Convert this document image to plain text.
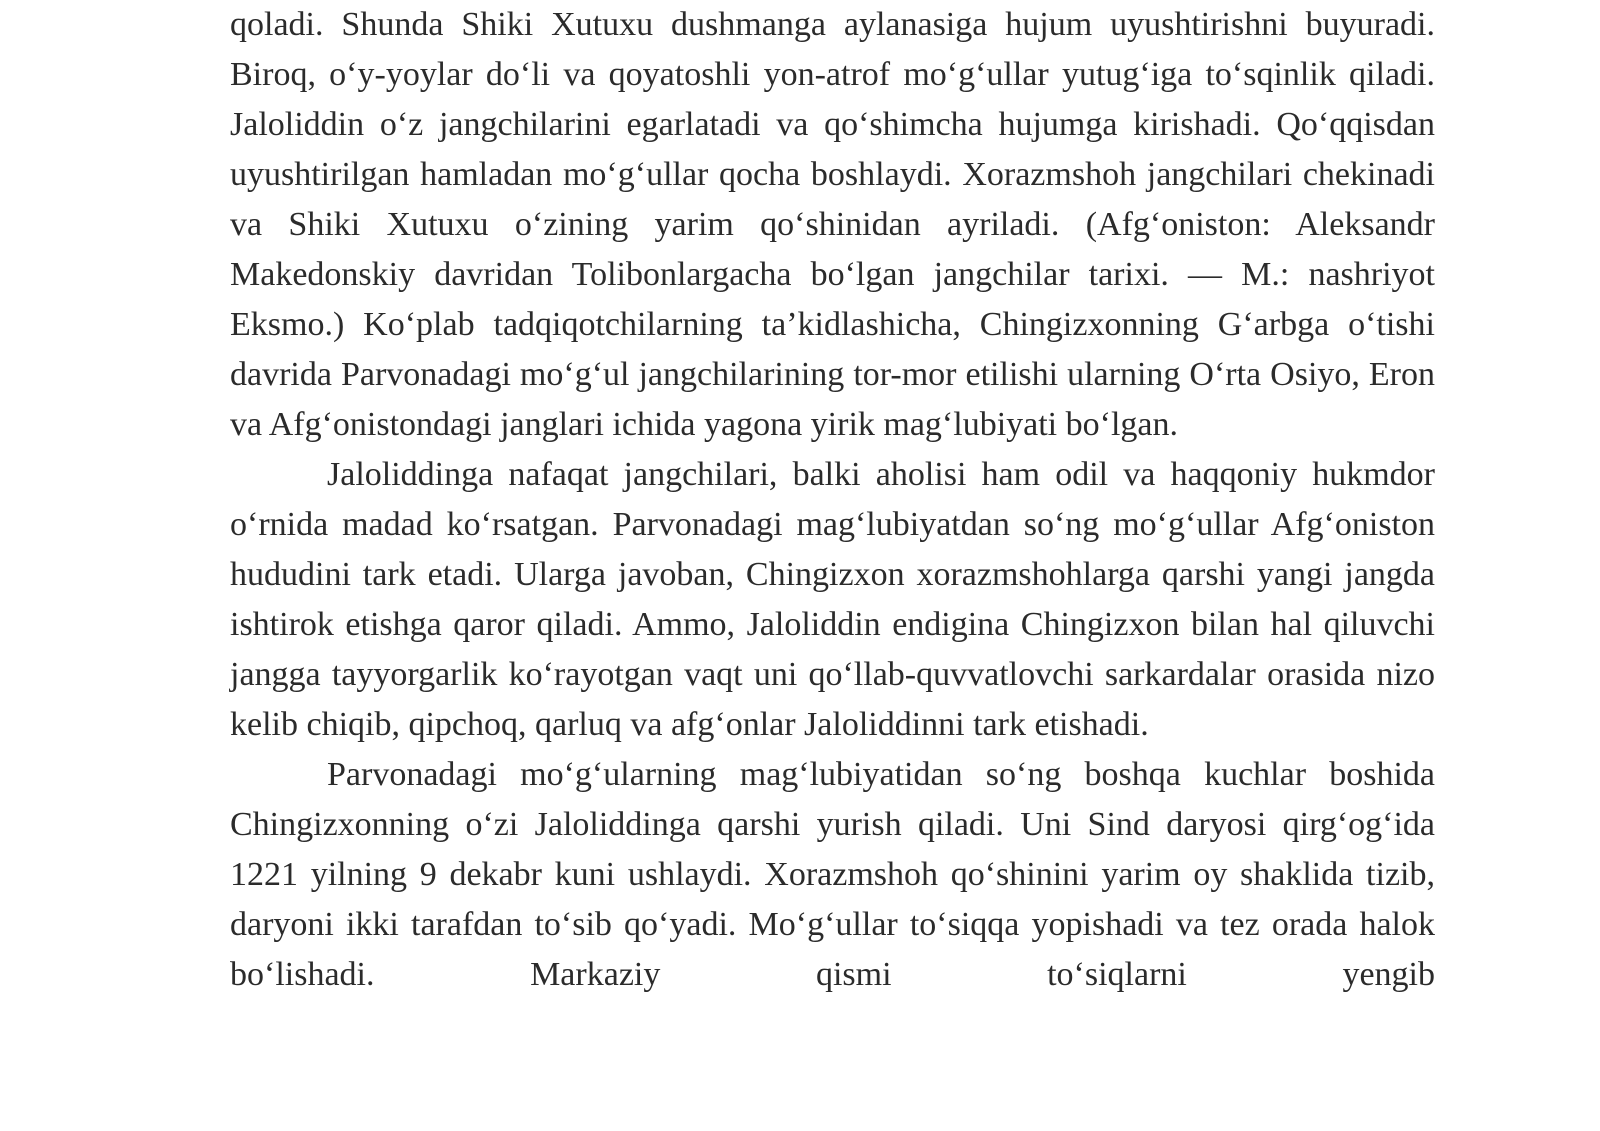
qoladi. Shunda Shiki Xutuxu dushmanga aylanasiga hujum uyushtirishni buyuradi. Biroq, o‘y-yoylar do‘li va qoyatoshli yon-atrof mo‘g‘ullar yutug‘iga to‘sqinlik qiladi. Jaloliddin o‘z jangchilarini egarlatadi va qo‘shimcha hujumga kirishadi. Qo‘qqisdan uyushtirilgan hamladan mo‘g‘ullar qocha boshlaydi. Xorazmshoh jangchilari chekinadi va Shiki Xutuxu o‘zining yarim qo‘shinidan ayriladi. (Afg‘oniston: Aleksandr Makedonskiy davridan Tolibonlargacha bo‘lgan jangchilar tarixi. — M.: nashriyot Eksmo.) Ko‘plab tadqiqotchilarning ta’kidlashicha, Chingizxonning G‘arbga o‘tishi davrida Parvonadagi mo‘g‘ul jangchilarining tor-mor etilishi ularning O‘rta Osiyo, Eron va Afg‘onistondagi janglari ichida yagona yirik mag‘lubiyati bo‘lgan.

Jaloliddinga nafaqat jangchilari, balki aholisi ham odil va haqqoniy hukmdor o‘rnida madad ko‘rsatgan. Parvonadagi mag‘lubiyatdan so‘ng mo‘g‘ullar Afg‘oniston hududini tark etadi. Ularga javoban, Chingizxon xorazmshohlarga qarshi yangi jangda ishtirok etishga qaror qiladi. Ammo, Jaloliddin endigina Chingizxon bilan hal qiluvchi jangga tayyorgarlik ko‘rayotgan vaqt uni qo‘llab-quvvatlovchi sarkardalar orasida nizo kelib chiqib, qipchoq, qarluq va afg‘onlar Jaloliddinni tark etishadi.

Parvonadagi mo‘g‘ularning mag‘lubiyatidan so‘ng boshqa kuchlar boshida Chingizxonning o‘zi Jaloliddinga qarshi yurish qiladi. Uni Sind daryosi qirg‘og‘ida 1221 yilning 9 dekabr kuni ushlaydi. Xorazmshoh qo‘shinini yarim oy shaklida tizib, daryoni ikki tarafdan to‘sib qo‘yadi. Mo‘g‘ullar to‘siqqa yopishadi va tez orada halok bo‘lishadi. Markaziy qismi to‘siqlarni yengib
